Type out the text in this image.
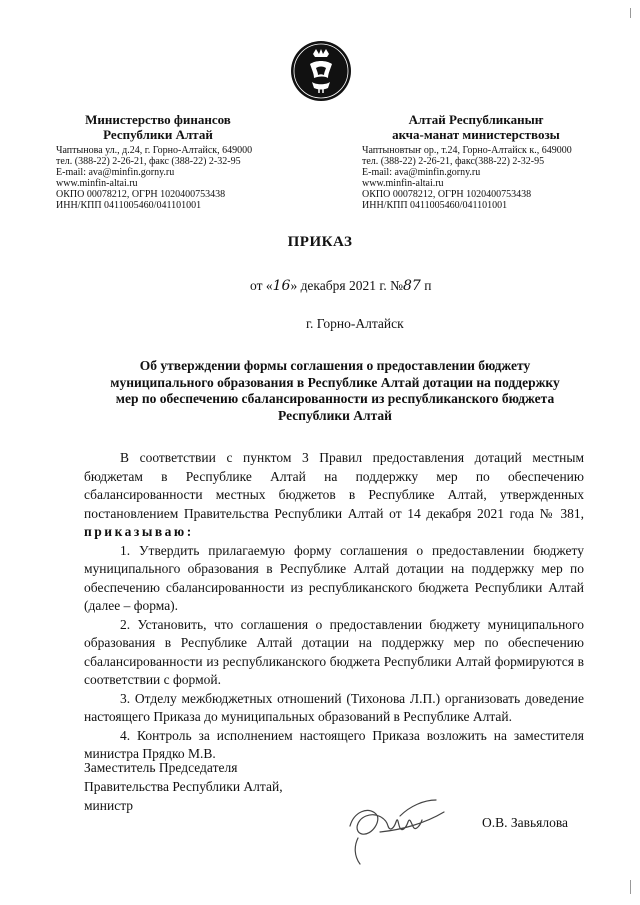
Министерство финансов
Республики Алтай
Чаптынова ул., д.24, г. Горно-Алтайск, 649000
тел. (388-22) 2-26-21, факс (388-22) 2-32-95
E-mail: ava@minfin.gorny.ru
www.minfin-altai.ru
ОКПО 00078212, ОГРН 1020400753438
ИНН/КПП 0411005460/041101001
Алтай Республиканыҥ
акча-манат министерствозы
Чаптыновтыҥ ор., т.24, Горно-Алтайск к., 649000
тел. (388-22) 2-26-21, факс(388-22) 2-32-95
E-mail: ava@minfin.gorny.ru
www.minfin-altai.ru
ОКПО 00078212, ОГРН 1020400753438
ИНН/КПП 0411005460/041101001
ПРИКАЗ
от «16» декабря 2021 г. №87 п
г. Горно-Алтайск
Об утверждении формы соглашения о предоставлении бюджету муниципального образования в Республике Алтай дотации на поддержку мер по обеспечению сбалансированности из республиканского бюджета Республики Алтай

В соответствии с пунктом 3 Правил предоставления дотаций местным бюджетам в Республике Алтай на поддержку мер по обеспечению сбалансированности местных бюджетов в Республике Алтай, утвержденных постановлением Правительства Республики Алтай от 14 декабря 2021 года № 381, приказываю:

1. Утвердить прилагаемую форму соглашения о предоставлении бюджету муниципального образования в Республике Алтай дотации на поддержку мер по обеспечению сбалансированности из республиканского бюджета Республики Алтай (далее – форма).

2. Установить, что соглашения о предоставлении бюджету муниципального образования в Республике Алтай дотации на поддержку мер по обеспечению сбалансированности из республиканского бюджета Республики Алтай формируются в соответствии с формой.

3. Отделу межбюджетных отношений (Тихонова Л.П.) организовать доведение настоящего Приказа до муниципальных образований в Республике Алтай.

4. Контроль за исполнением настоящего Приказа возложить на заместителя министра Прядко М.В.

Заместитель Председателя
Правительства Республики Алтай,
министр
О.В. Завьялова
